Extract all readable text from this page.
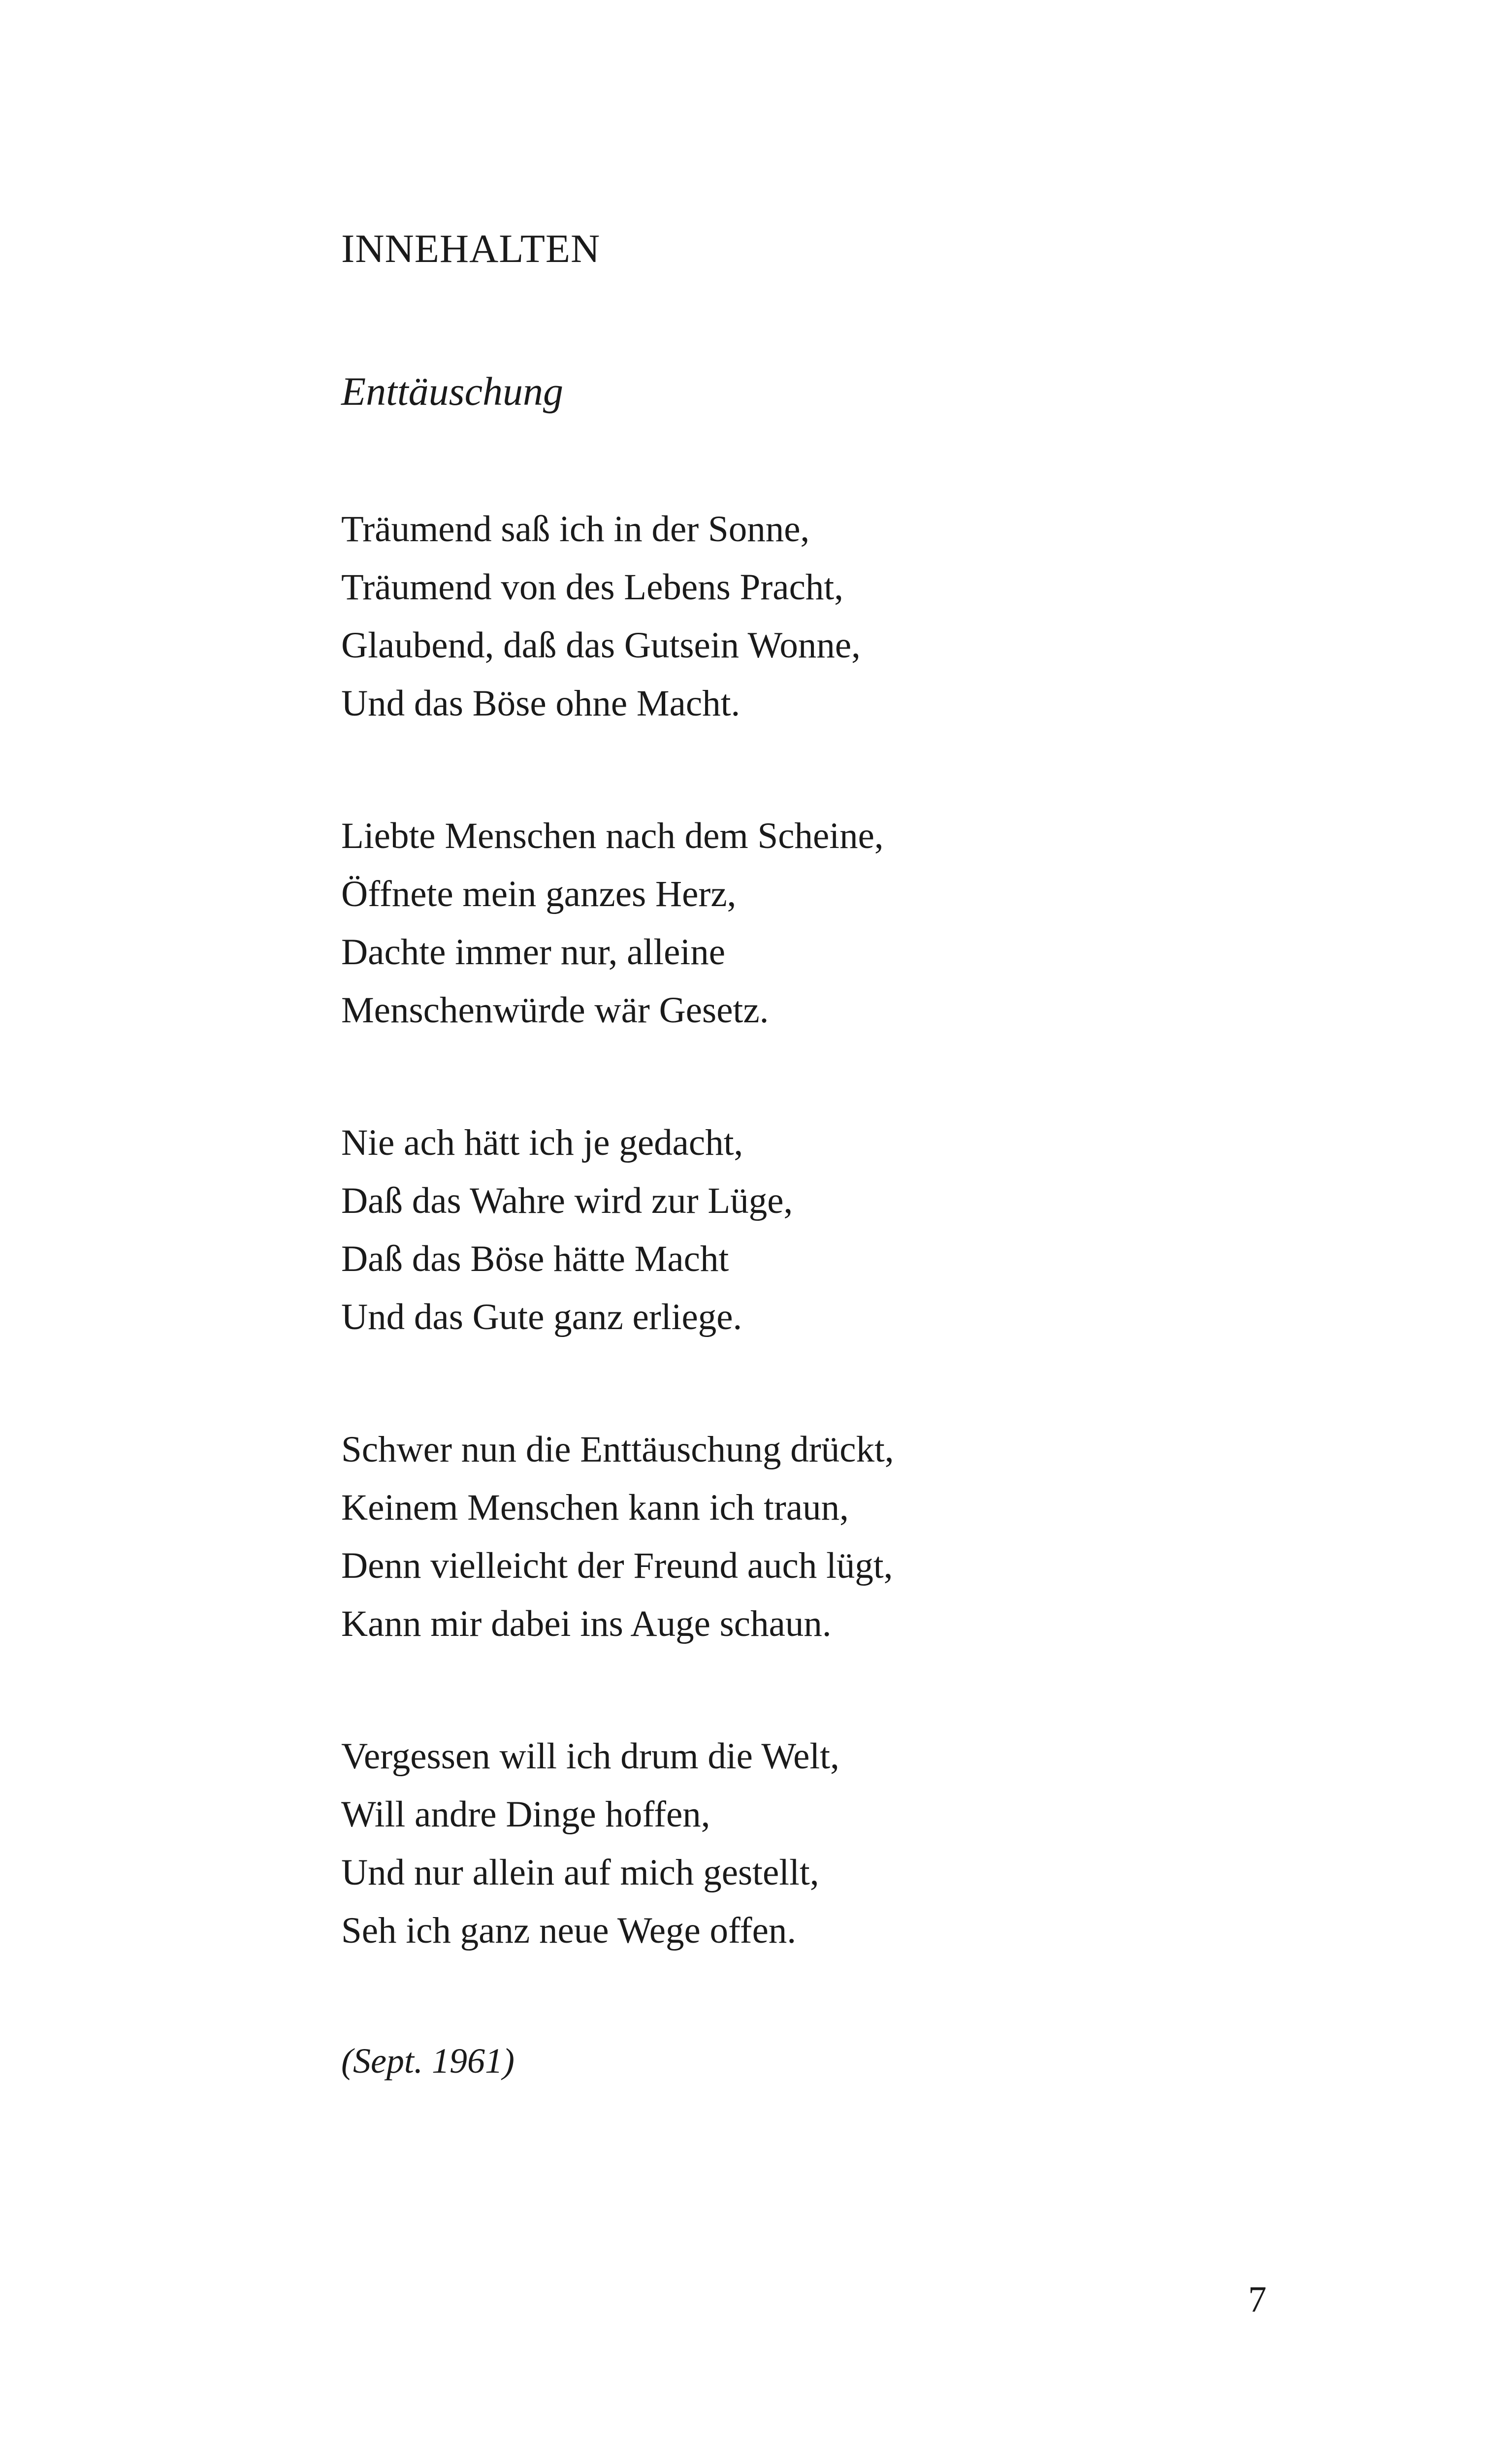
INNEHALTEN
Enttäuschung

Träumend saß ich in der Sonne,
Träumend von des Lebens Pracht,
Glaubend, daß das Gutsein Wonne,
Und das Böse ohne Macht.

Liebte Menschen nach dem Scheine,
Öffnete mein ganzes Herz,
Dachte immer nur, alleine
Menschenwürde wär Gesetz.

Nie ach hätt ich je gedacht,
Daß das Wahre wird zur Lüge,
Daß das Böse hätte Macht
Und das Gute ganz erliege.

Schwer nun die Enttäuschung drückt,
Keinem Menschen kann ich traun,
Denn vielleicht der Freund auch lügt,
Kann mir dabei ins Auge schaun.

Vergessen will ich drum die Welt,
Will andre Dinge hoffen,
Und nur allein auf mich gestellt,
Seh ich ganz neue Wege offen.

(Sept. 1961)

7
